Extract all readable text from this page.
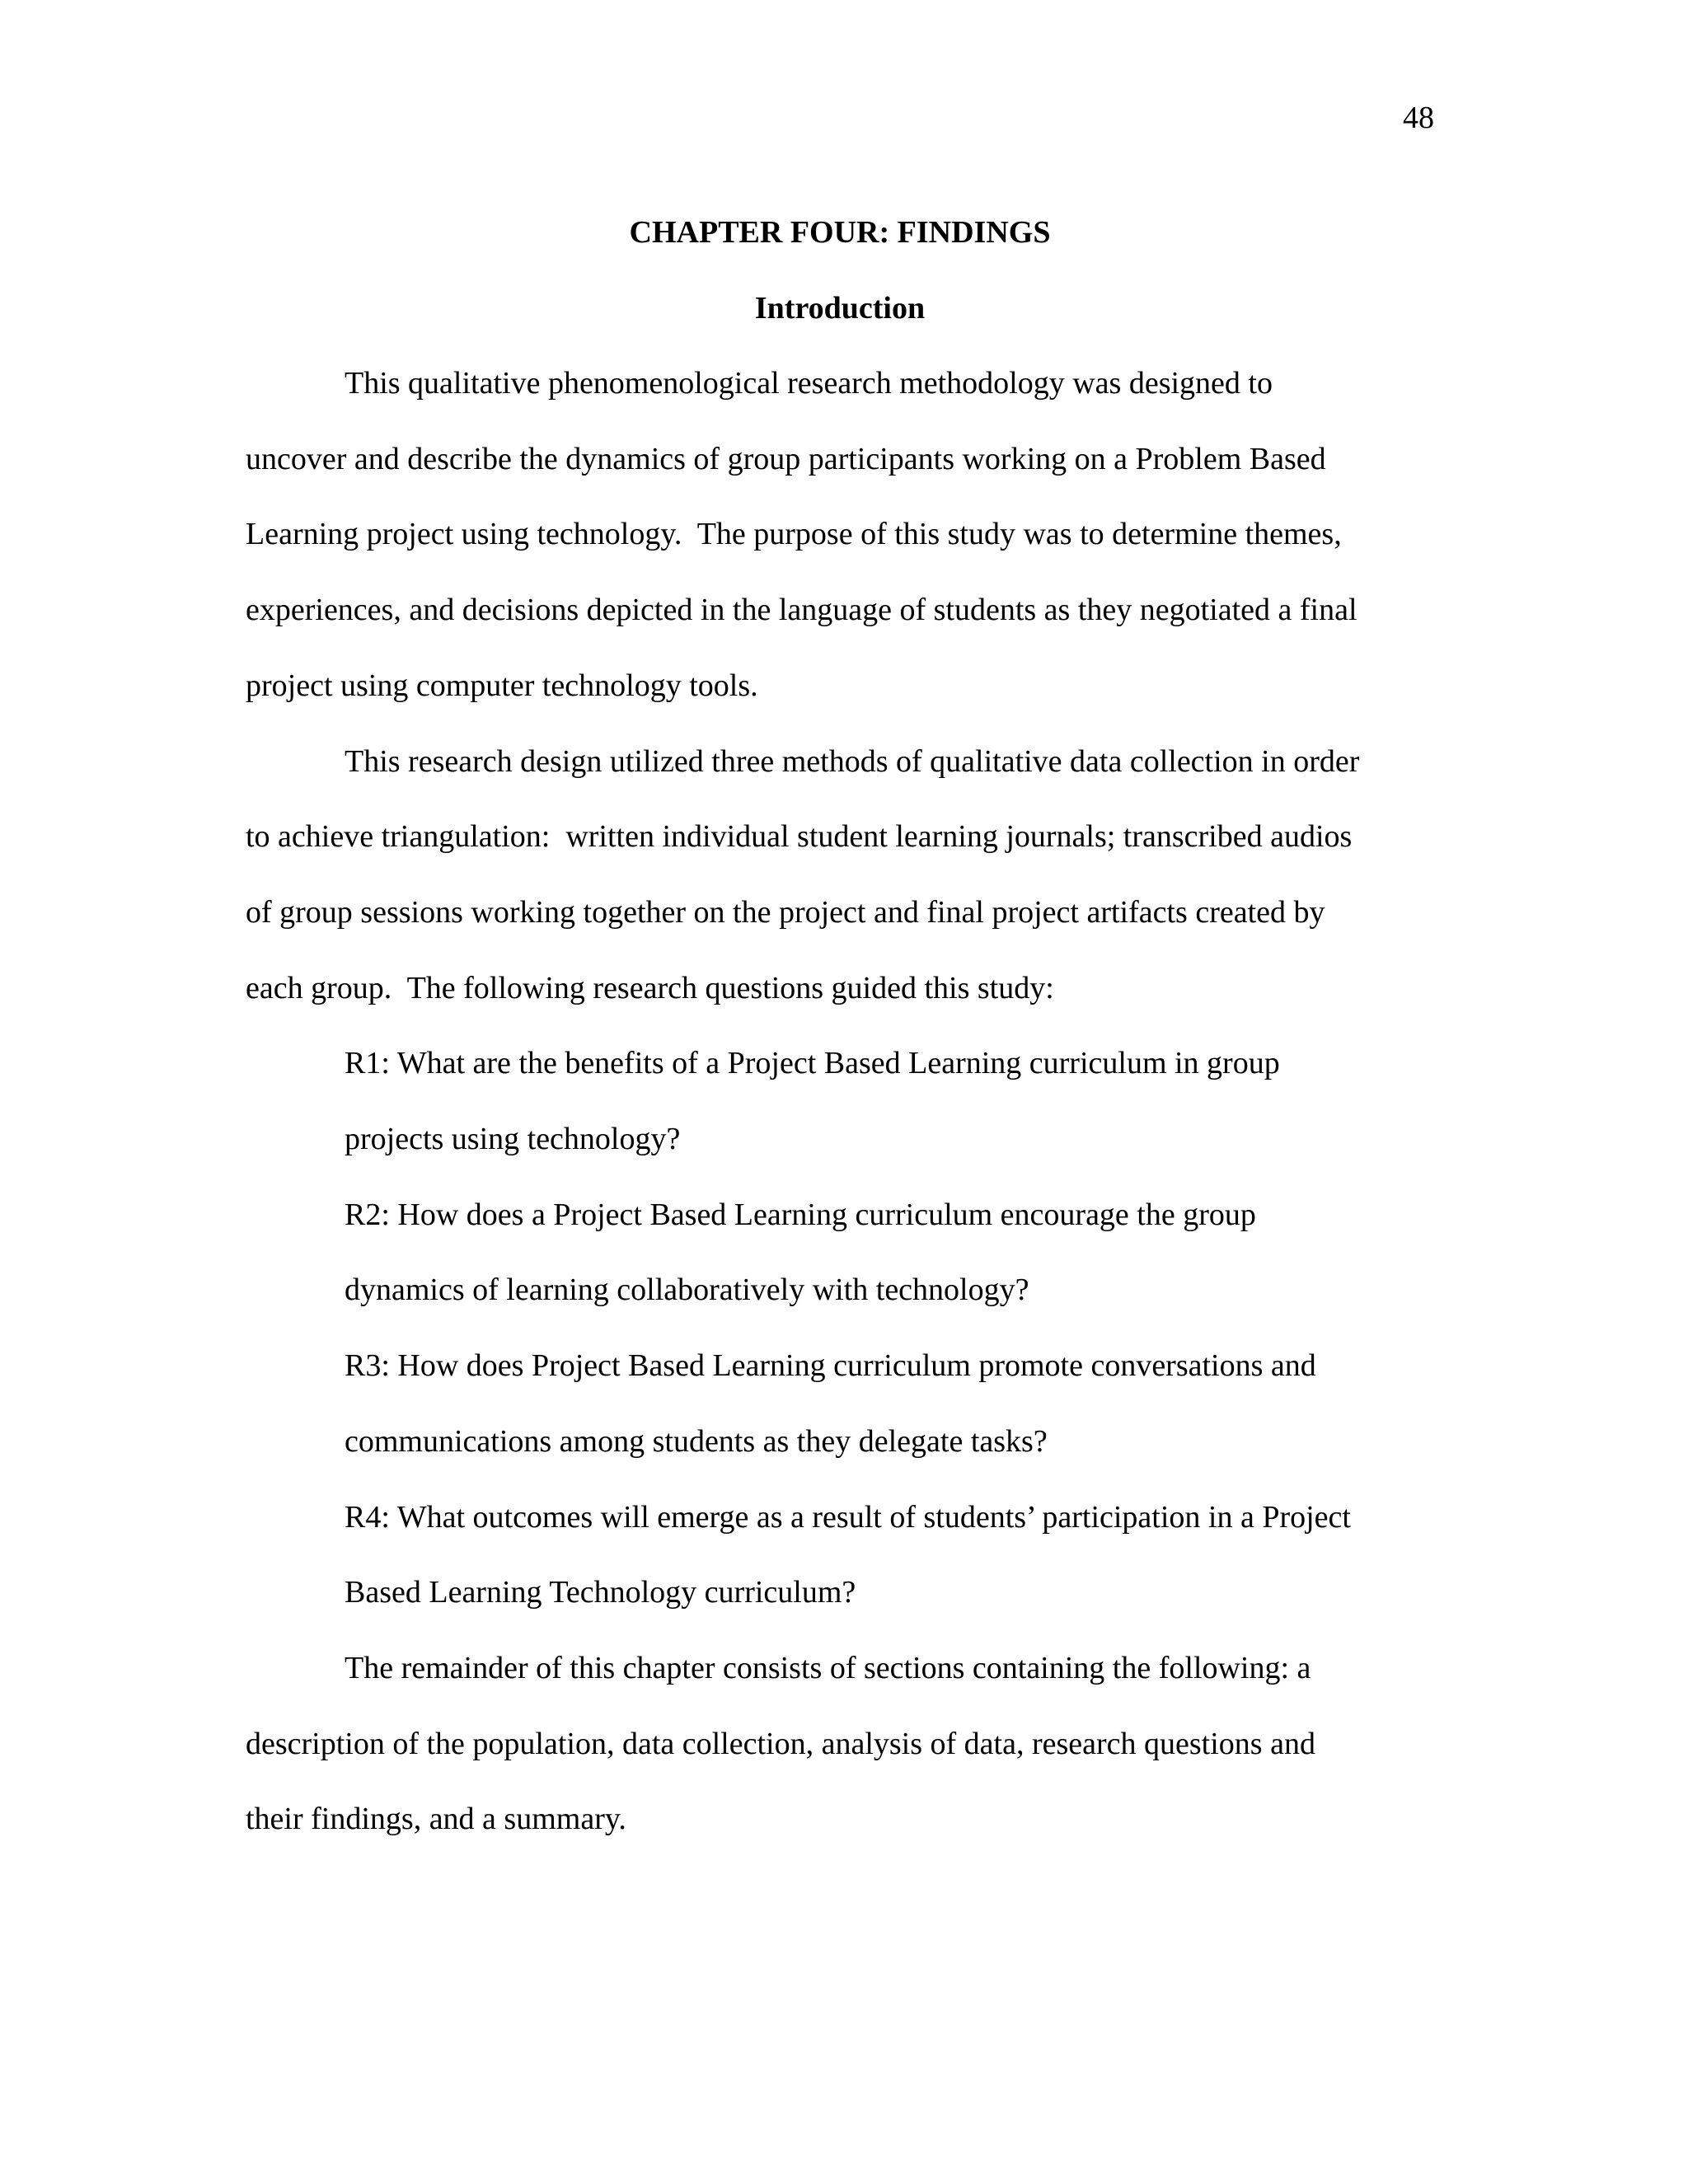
48
CHAPTER FOUR: FINDINGS
Introduction
This qualitative phenomenological research methodology was designed to
uncover and describe the dynamics of group participants working on a Problem Based
Learning project using technology.  The purpose of this study was to determine themes,
experiences, and decisions depicted in the language of students as they negotiated a final
project using computer technology tools.
This research design utilized three methods of qualitative data collection in order
to achieve triangulation:  written individual student learning journals; transcribed audios
of group sessions working together on the project and final project artifacts created by
each group.  The following research questions guided this study:
R1: What are the benefits of a Project Based Learning curriculum in group
projects using technology?
R2: How does a Project Based Learning curriculum encourage the group
dynamics of learning collaboratively with technology?
R3: How does Project Based Learning curriculum promote conversations and
communications among students as they delegate tasks?
R4: What outcomes will emerge as a result of students’ participation in a Project
Based Learning Technology curriculum?
The remainder of this chapter consists of sections containing the following: a
description of the population, data collection, analysis of data, research questions and
their findings, and a summary.
